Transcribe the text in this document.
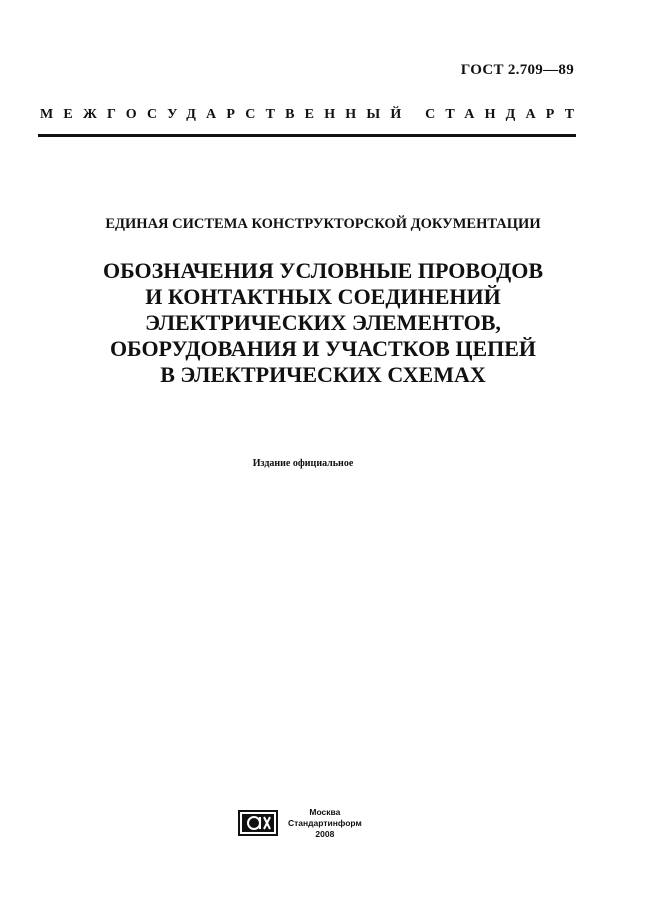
ГОСТ 2.709—89
МЕЖГОСУДАРСТВЕННЫЙ СТАНДАРТ
ЕДИНАЯ СИСТЕМА КОНСТРУКТОРСКОЙ ДОКУМЕНТАЦИИ
ОБОЗНАЧЕНИЯ УСЛОВНЫЕ ПРОВОДОВ
И КОНТАКТНЫХ СОЕДИНЕНИЙ
ЭЛЕКТРИЧЕСКИХ ЭЛЕМЕНТОВ,
ОБОРУДОВАНИЯ И УЧАСТКОВ ЦЕПЕЙ
В ЭЛЕКТРИЧЕСКИХ СХЕМАХ
Издание официальное
Москва
Стандартинформ
2008
